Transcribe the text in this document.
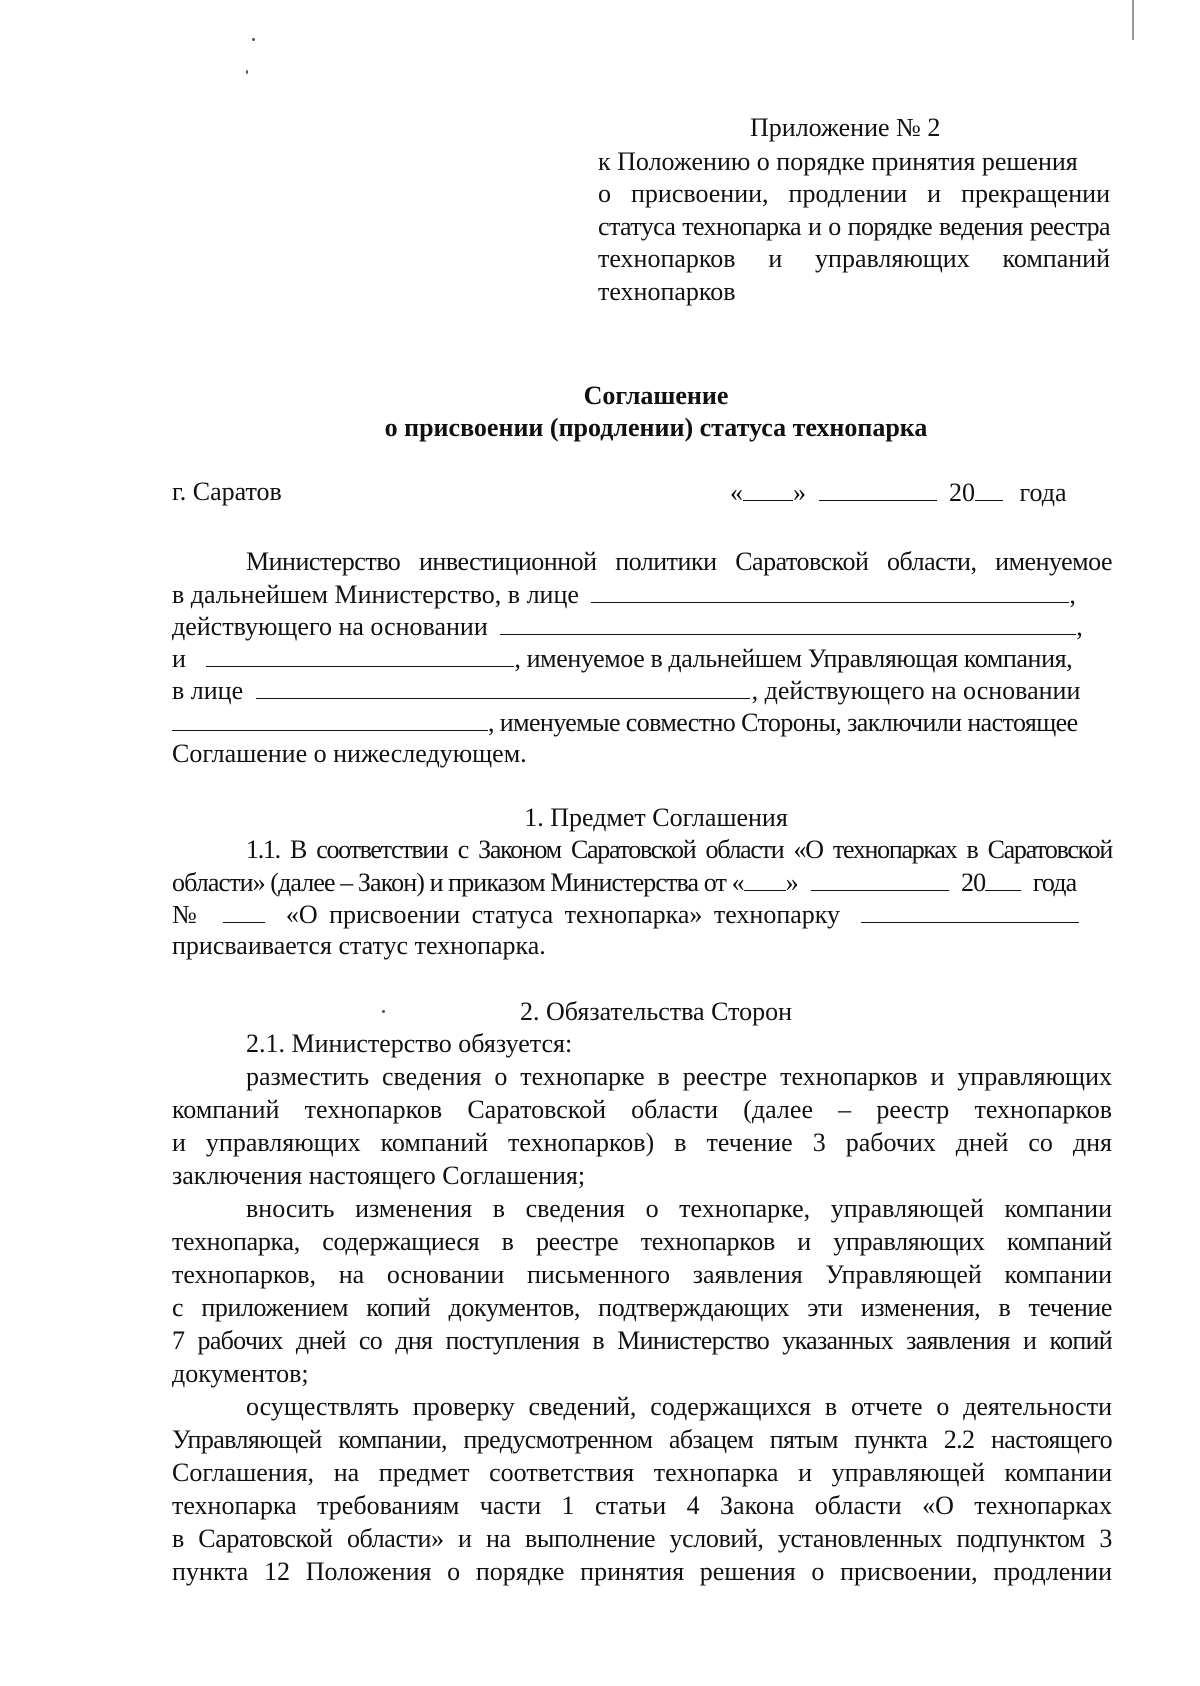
Приложение № 2
к Положению о порядке принятия решения
о присвоении, продлении и прекращении
статуса технопарка и о порядке ведения реестра
технопарков и управляющих компаний
технопарков
Соглашение
о присвоении (продлении) статуса технопарка
г. Саратов	« »	20 года
Министерство инвестиционной политики Саратовской области, именуемое
в дальнейшем Министерство, в лице	,
действующего на основании	,
и	, именуемое в дальнейшем Управляющая компания,
в лице	, действующего на основании
, именуемые совместно Стороны, заключили настоящее
Соглашение о нижеследующем.
1. Предмет Соглашения
1.1. В соответствии с Законом Саратовской области «О технопарках в Саратовской
области» (далее – Закон) и приказом Министерства от « »	20 года
№	«О присвоении статуса технопарка» технопарку
присваивается статус технопарка.
2. Обязательства Сторон
2.1. Министерство обязуется:
разместить сведения о технопарке в реестре технопарков и управляющих
компаний технопарков Саратовской области (далее – реестр технопарков
и управляющих компаний технопарков) в течение 3 рабочих дней со дня
заключения настоящего Соглашения;
вносить изменения в сведения о технопарке, управляющей компании
технопарка, содержащиеся в реестре технопарков и управляющих компаний
технопарков, на основании письменного заявления Управляющей компании
с приложением копий документов, подтверждающих эти изменения, в течение
7 рабочих дней со дня поступления в Министерство указанных заявления и копий
документов;
осуществлять проверку сведений, содержащихся в отчете о деятельности
Управляющей компании, предусмотренном абзацем пятым пункта 2.2 настоящего
Соглашения, на предмет соответствия технопарка и управляющей компании
технопарка требованиям части 1 статьи 4 Закона области «О технопарках
в Саратовской области» и на выполнение условий, установленных подпунктом 3
пункта 12 Положения о порядке принятия решения о присвоении, продлении
